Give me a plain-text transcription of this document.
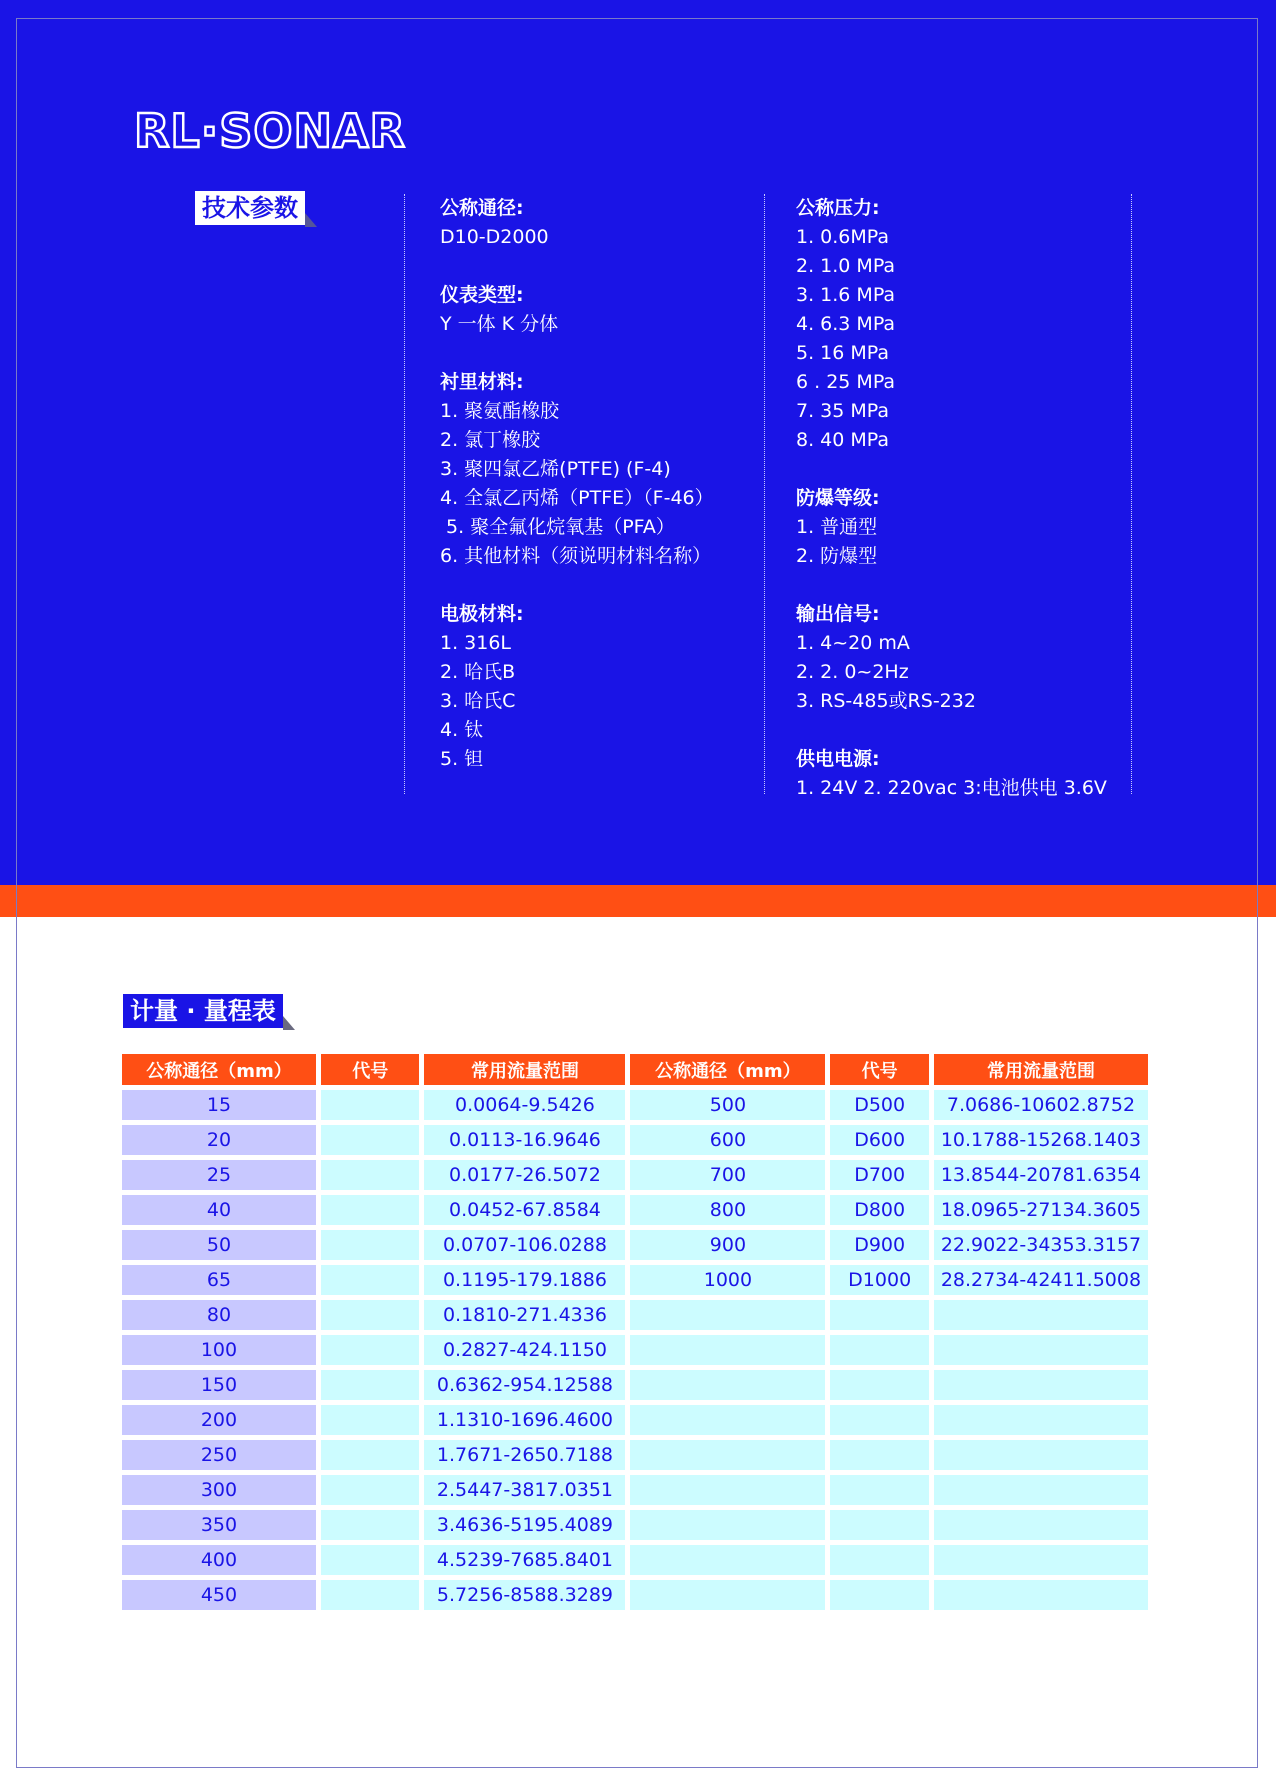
RL·SONAR
技术参数	公称通径:
D10-D2000
仪表类型:
Y 一体 K 分体
衬里材料:
1. 聚氨酯橡胶
2. 氯丁橡胶
3. 聚四氯乙烯(PTFE) (F-4)
4. 全氯乙丙烯（PTFE）（F-46）
5. 聚全氟化烷氧基（PFA）
6. 其他材料（须说明材料名称）
电极材料:
1. 316L
2. 哈氏B
3. 哈氏C
4. 钛
5. 钽
公称压力:
1. 0.6MPa
2. 1.0 MPa
3. 1.6 MPa
4. 6.3 MPa
5. 16 MPa
6 . 25 MPa
7. 35 MPa
8. 40 MPa
防爆等级:
1. 普通型
2. 防爆型
输出信号:
1. 4~20 mA
2. 2. 0~2Hz
3. RS-485或RS-232
供电电源:
1. 24V 2. 220vac 3:电池供电 3.6V
计量 · 量程表
公称通径（mm）	代号	常用流量范围	公称通径（mm）	代号	常用流量范围
15		0.0064-9.5426	500	D500	7.0686-10602.8752
20		0.0113-16.9646	600	D600	10.1788-15268.1403
25		0.0177-26.5072	700	D700	13.8544-20781.6354
40		0.0452-67.8584	800	D800	18.0965-27134.3605
50		0.0707-106.0288	900	D900	22.9022-34353.3157
65		0.1195-179.1886	1000	D1000	28.2734-42411.5008
80		0.1810-271.4336			
100		0.2827-424.1150			
150		0.6362-954.12588			
200		1.1310-1696.4600			
250		1.7671-2650.7188			
300		2.5447-3817.0351			
350		3.4636-5195.4089			
400		4.5239-7685.8401			
450		5.7256-8588.3289			
